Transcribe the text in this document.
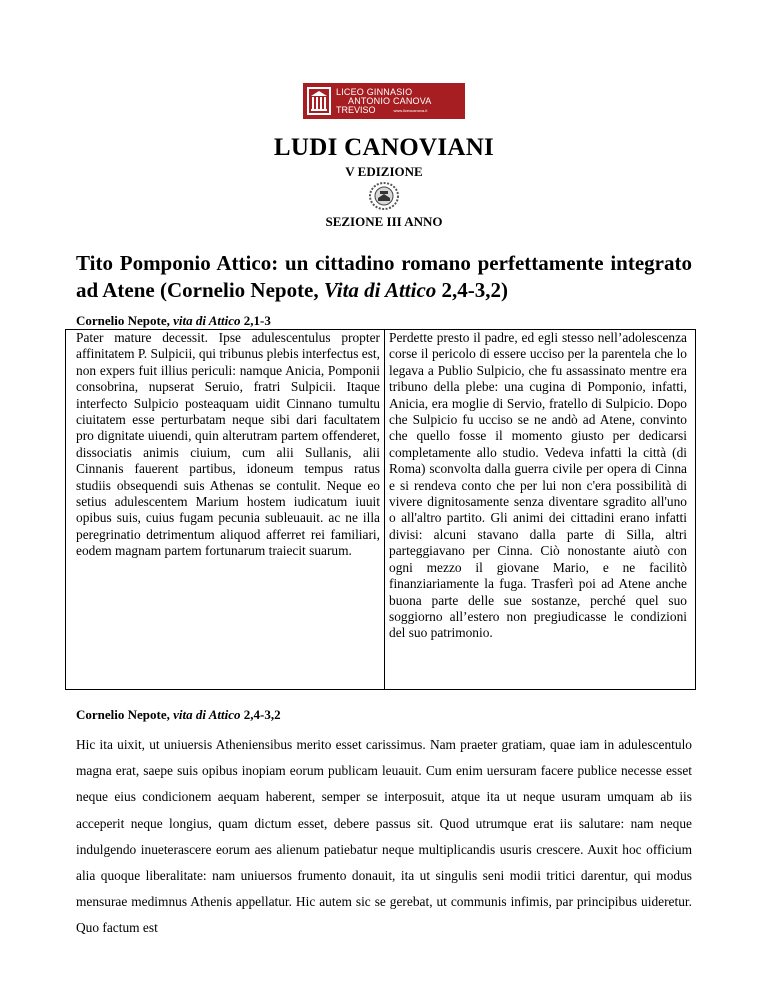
LICEO GINNASIO
ANTONIO CANOVA
TREVISO	www.liceocanova.it
LUDI CANOVIANI
V EDIZIONE
SEZIONE III ANNO
Tito Pomponio Attico: un cittadino romano perfettamente integrato ad Atene (Cornelio Nepote, Vita di Attico 2,4-3,2)
Cornelio Nepote, vita di Attico 2,1-3
Pater mature decessit. Ipse adulescentulus propter affinitatem P. Sulpicii, qui tribunus plebis interfectus est, non expers fuit illius periculi: namque Anicia, Pomponii consobrina, nupserat Seruio, fratri Sulpicii. Itaque interfecto Sulpicio posteaquam uidit Cinnano tumultu ciuitatem esse perturbatam neque sibi dari facultatem pro dignitate uiuendi, quin alterutram partem offenderet, dissociatis animis ciuium, cum alii Sullanis, alii Cinnanis fauerent partibus, idoneum tempus ratus studiis obsequendi suis Athenas se contulit. Neque eo setius adulescentem Marium hostem iudicatum iuuit opibus suis, cuius fugam pecunia subleuauit. ac ne illa peregrinatio detrimentum aliquod afferret rei familiari, eodem magnam partem fortunarum traiecit suarum.
Perdette presto il padre, ed egli stesso nell’adolescenza corse il pericolo di essere ucciso per la parentela che lo legava a Publio Sulpicio, che fu assassinato mentre era tribuno della plebe: una cugina di Pomponio, infatti, Anicia, era moglie di Servio, fratello di Sulpicio. Dopo che Sulpicio fu ucciso se ne andò ad Atene, convinto che quello fosse il momento giusto per dedicarsi completamente allo studio. Vedeva infatti la città (di Roma) sconvolta dalla guerra civile per opera di Cinna e si rendeva conto che per lui non c'era possibilità di vivere dignitosamente senza diventare sgradito all'uno o all'altro partito. Gli animi dei cittadini erano infatti divisi: alcuni stavano dalla parte di Silla, altri parteggiavano per Cinna. Ciò nonostante aiutò con ogni mezzo il giovane Mario, e ne facilitò finanziariamente la fuga. Trasferì poi ad Atene anche buona parte delle sue sostanze, perché quel suo soggiorno all’estero non pregiudicasse le condizioni del suo patrimonio.
Cornelio Nepote, vita di Attico 2,4-3,2
Hic ita uixit, ut uniuersis Atheniensibus merito esset carissimus. Nam praeter gratiam, quae iam in adulescentulo magna erat, saepe suis opibus inopiam eorum publicam leuauit. Cum enim uersuram facere publice necesse esset neque eius condicionem aequam haberent, semper se interposuit, atque ita ut neque usuram umquam ab iis acceperit neque longius, quam dictum esset, debere passus sit. Quod utrumque erat iis salutare: nam neque indulgendo inueterascere eorum aes alienum patiebatur neque multiplicandis usuris crescere. Auxit hoc officium alia quoque liberalitate: nam uniuersos frumento donauit, ita ut singulis seni modii tritici darentur, qui modus mensurae medimnus Athenis appellatur. Hic autem sic se gerebat, ut communis infimis, par principibus uideretur. Quo factum est
